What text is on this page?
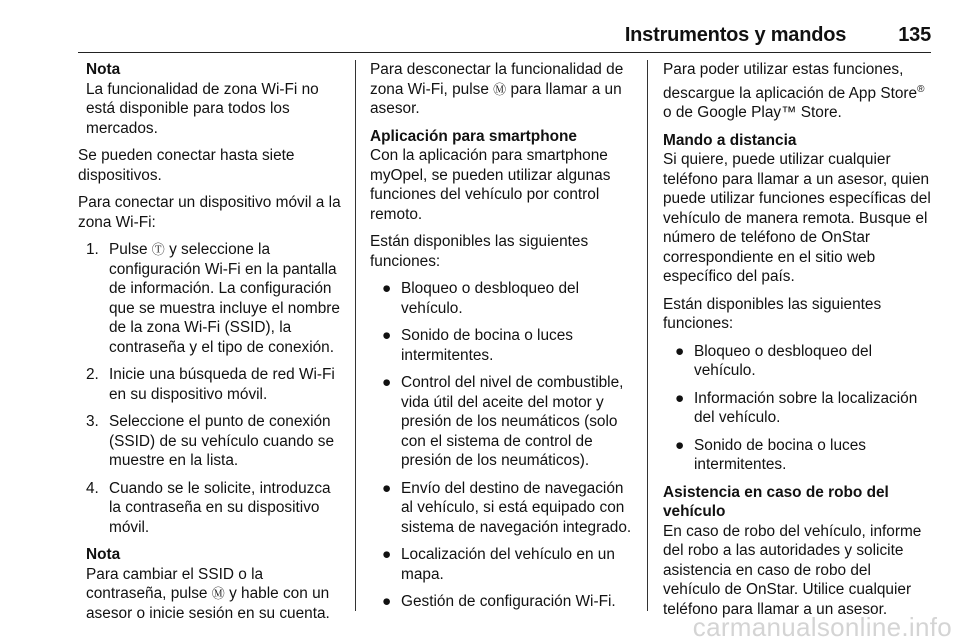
Instrumentos y mandos	135
Nota
La funcionalidad de zona Wi-Fi no está disponible para todos los mercados.

Se pueden conectar hasta siete dispositivos.

Para conectar un dispositivo móvil a la zona Wi-Fi:

1. Pulse Ⓣ y seleccione la configuración Wi-Fi en la pantalla de información. La configuración que se muestra incluye el nombre de la zona Wi-Fi (SSID), la contraseña y el tipo de conexión.
2. Inicie una búsqueda de red Wi-Fi en su dispositivo móvil.
3. Seleccione el punto de conexión (SSID) de su vehículo cuando se muestre en la lista.
4. Cuando se le solicite, introduzca la contraseña en su dispositivo móvil.
Nota
Para cambiar el SSID o la contraseña, pulse Ⓜ y hable con un asesor o inicie sesión en su cuenta.

Para desconectar la funcionalidad de zona Wi-Fi, pulse Ⓜ para llamar a un asesor.

Aplicación para smartphone
Con la aplicación para smartphone myOpel, se pueden utilizar algunas funciones del vehículo por control remoto.

Están disponibles las siguientes funciones:

● Bloqueo o desbloqueo del vehículo.
● Sonido de bocina o luces intermitentes.
● Control del nivel de combustible, vida útil del aceite del motor y presión de los neumáticos (solo con el sistema de control de presión de los neumáticos).
● Envío del destino de navegación al vehículo, si está equipado con sistema de navegación integrado.
● Localización del vehículo en un mapa.
● Gestión de configuración Wi-Fi.

Para poder utilizar estas funciones, descargue la aplicación de App Store® o de Google Play™ Store.

Mando a distancia
Si quiere, puede utilizar cualquier teléfono para llamar a un asesor, quien puede utilizar funciones específicas del vehículo de manera remota. Busque el número de teléfono de OnStar correspondiente en el sitio web específico del país.

Están disponibles las siguientes funciones:

● Bloqueo o desbloqueo del vehículo.
● Información sobre la localización del vehículo.
● Sonido de bocina o luces intermitentes.

Asistencia en caso de robo del vehículo
En caso de robo del vehículo, informe del robo a las autoridades y solicite asistencia en caso de robo del vehículo de OnStar. Utilice cualquier teléfono para llamar a un asesor.

carmanualsonline.info
